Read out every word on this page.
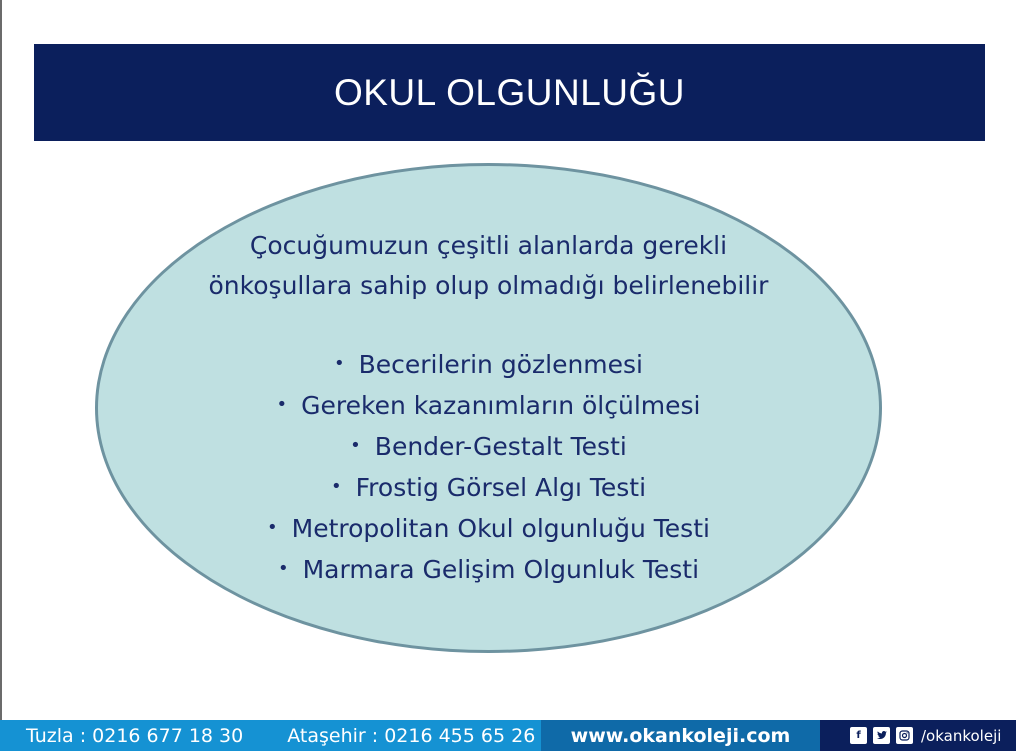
OKUL OLGUNLUĞU
Çocuğumuzun çeşitli alanlarda gerekli önkoşullara sahip olup olmadığı belirlenebilir
• Becerilerin gözlenmesi
• Gereken kazanımların ölçülmesi
• Bender-Gestalt Testi
• Frostig Görsel Algı Testi
• Metropolitan Okul olgunluğu Testi
• Marmara Gelişim Olgunluk Testi
Tuzla : 0216 677 18 30 Ataşehir : 0216 455 65 26	www.okankoleji.com	f	/okankoleji
